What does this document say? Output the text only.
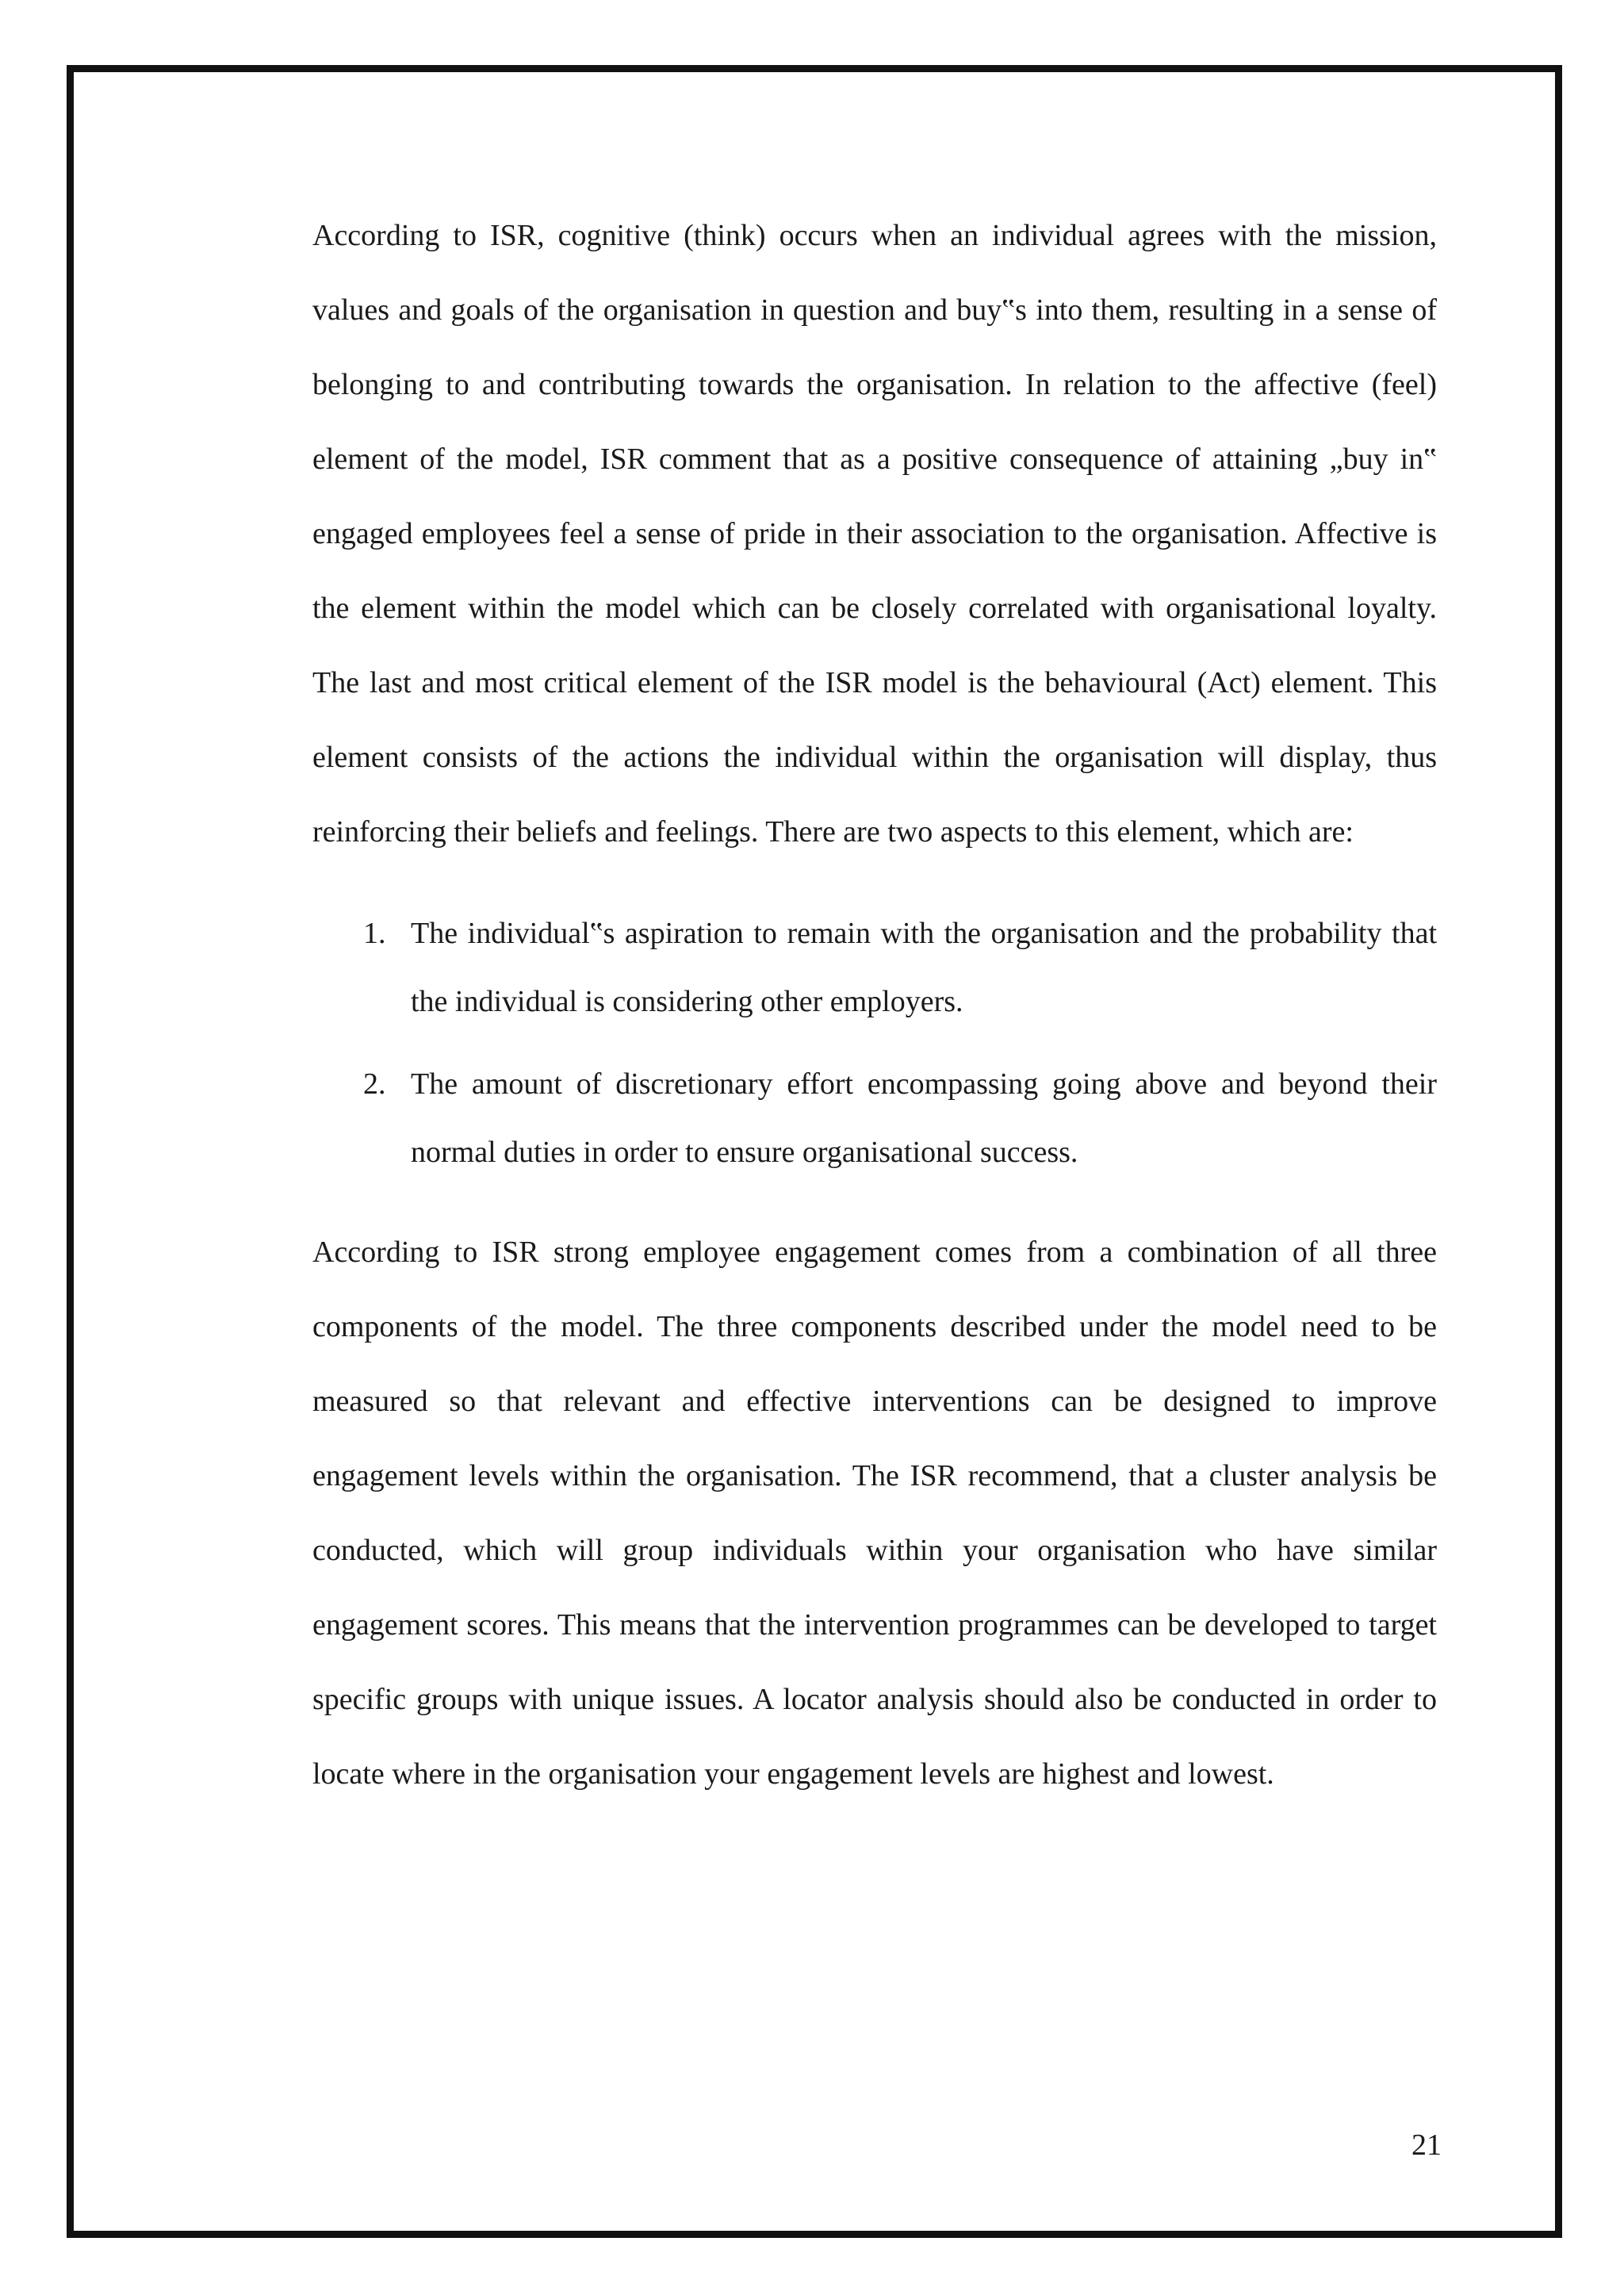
According to ISR, cognitive (think) occurs when an individual agrees with the mission, values and goals of the organisation in question and buy‟s into them, resulting in a sense of belonging to and contributing towards the organisation. In relation to the affective (feel) element of the model, ISR comment that as a positive consequence of attaining „buy in‟ engaged employees feel a sense of pride in their association to the organisation. Affective is the element within the model which can be closely correlated with organisational loyalty. The last and most critical element of the ISR model is the behavioural (Act) element. This element consists of the actions the individual within the organisation will display, thus reinforcing their beliefs and feelings. There are two aspects to this element, which are:

1. The individual‟s aspiration to remain with the organisation and the probability that the individual is considering other employers.
2. The amount of discretionary effort encompassing going above and beyond their normal duties in order to ensure organisational success.

According to ISR strong employee engagement comes from a combination of all three components of the model. The three components described under the model need to be measured so that relevant and effective interventions can be designed to improve engagement levels within the organisation. The ISR recommend, that a cluster analysis be conducted, which will group individuals within your organisation who have similar engagement scores. This means that the intervention programmes can be developed to target specific groups with unique issues. A locator analysis should also be conducted in order to locate where in the organisation your engagement levels are highest and lowest.

21
